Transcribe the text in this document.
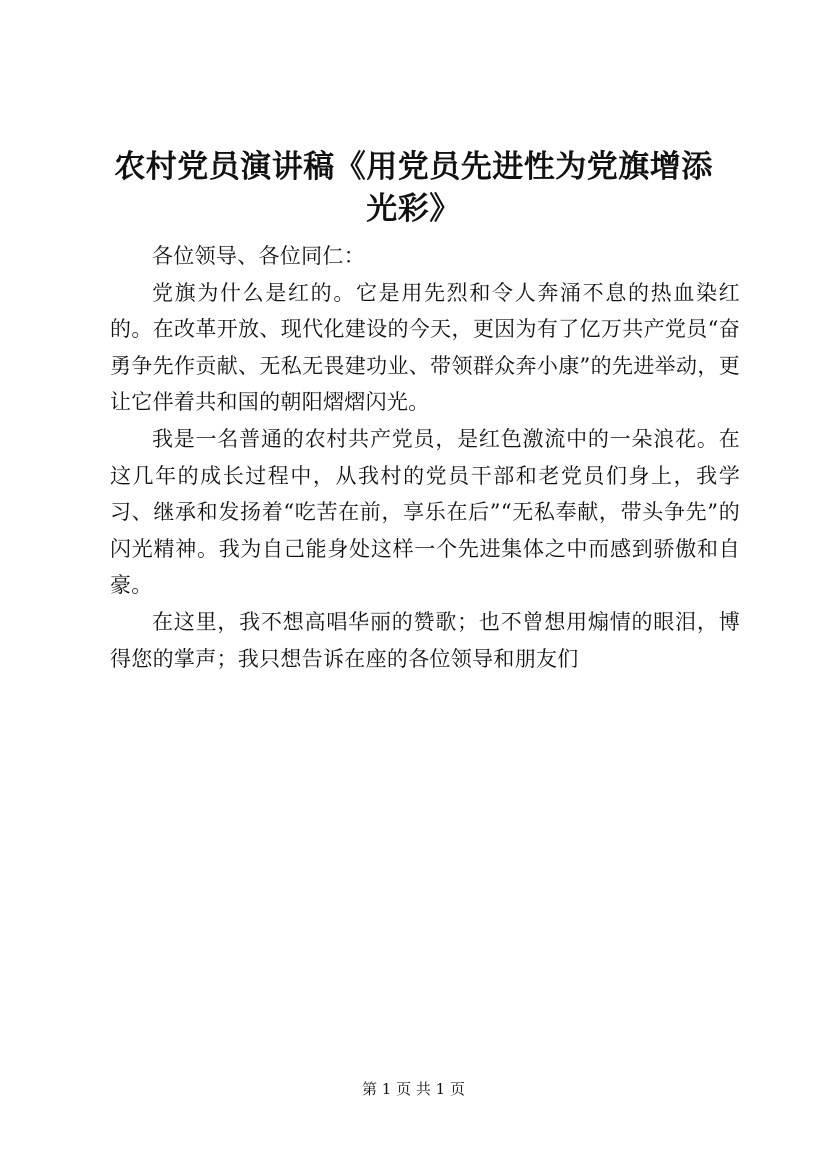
农村党员演讲稿《用党员先进性为党旗增添光彩》

各位领导、各位同仁：

党旗为什么是红的。它是用先烈和令人奔涌不息的热血染红的。在改革开放、现代化建设的今天，更因为有了亿万共产党员“奋勇争先作贡献、无私无畏建功业、带领群众奔小康”的先进举动，更让它伴着共和国的朝阳熠熠闪光。

我是一名普通的农村共产党员，是红色激流中的一朵浪花。在这几年的成长过程中，从我村的党员干部和老党员们身上，我学习、继承和发扬着“吃苦在前，享乐在后”“无私奉献，带头争先”的闪光精神。我为自己能身处这样一个先进集体之中而感到骄傲和自豪。

在这里，我不想高唱华丽的赞歌；也不曾想用煽情的眼泪，博得您的掌声；我只想告诉在座的各位领导和朋友们

第 1 页 共 1 页
